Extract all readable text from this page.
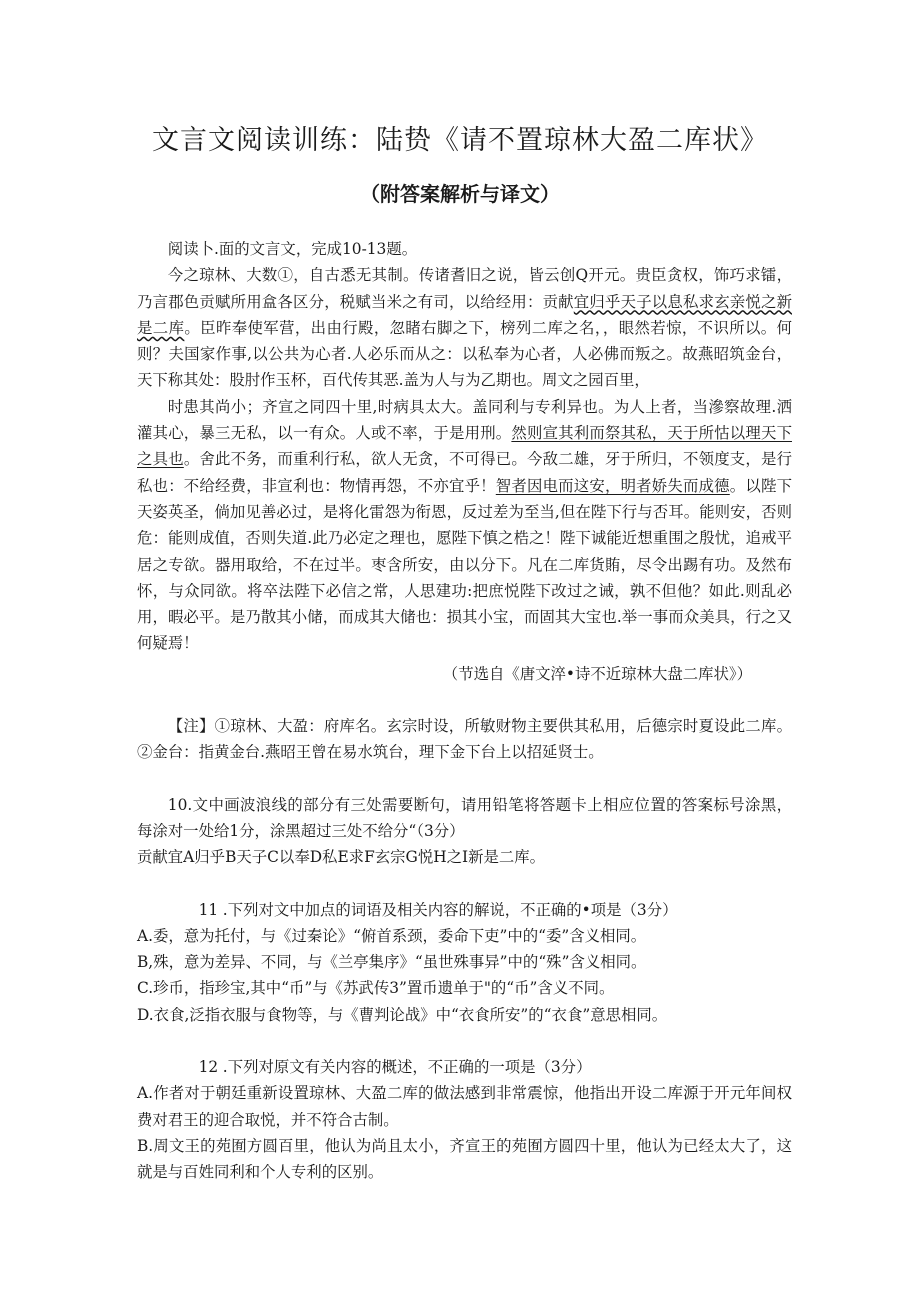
文言文阅读训练：陆贽《请不置琼林大盈二库状》
（附答案解析与译文）

阅读卜.面的文言文，完成10-13题。

今之琼林、大数①，自古悉无其制。传诸耆旧之说，皆云创Q开元。贵臣贪权，饰巧求镭，乃言郡色贡赋所用盒各区分，税赋当米之有司，以给经用：贡献宜归乎天子以息私求玄亲悦之新是二库。臣昨奉使军营，出由行殿，忽睹右脚之下，榜列二库之名，，眼然若惊，不识所以。何则？夫国家作事,以公共为心者.人必乐而从之：以私奉为心者，人必佛而叛之。故燕昭筑金台，天下称其处：股肘作玉杯，百代传其恶.盖为人与为乙期也。周文之园百里，

时患其尚小；齐宣之同四十里,时病具太大。盖同利与专利异也。为人上者，当滲察故理.洒灌其心，暴三无私，以一有众。人或不率，于是用刑。然则宣其利而祭其私，天于所怙以理天下之具也。舍此不务，而重利行私，欲人无贪，不可得已。今敌二雄，牙于所归，不领度支，是行私也：不给经费，非宣利也：物情再怨，不亦宜乎！智者因电而这安，明者娇失而成德。以陛下天姿英圣，倘加见善必过，是将化雷怨为衔恩，反过差为至当,但在陛下行与否耳。能则安，否则危：能则成值，否则失道.此乃必定之理也，愿陛下慎之梏之！陛下诚能近想重围之殷忧，追戒平居之专欲。器用取给，不在过半。枣含所安，由以分下。凡在二库货賄，尽令出踢有功。及然布怀，与众同欲。将卒法陛下必信之常，人思建功:把庶悦陛下改过之诫，孰不但他？如此.则乱必用，暇必平。是乃散其小储，而成其大储也：损其小宝，而固其大宝也.举一事而众美具，行之又何疑焉！

（节选自《唐文淬•诗不近琼林大盘二库状》）

【注】①琼林、大盈：府库名。玄宗时设，所敏财物主要供其私用，后德宗时夏设此二库。②金台：指黄金台.燕昭王曾在易水筑台，理下金下台上以招延贤士。

10.文中画波浪线的部分有三处需要断句，请用铅笔将答题卡上相应位置的答案标号涂黑，每涂对一处给1分，涂黑超过三处不给分“（3分）

贡献宜A归乎B天子C以奉D私E求F玄宗G悦H之I新是二库。

11 .下列对文中加点的词语及相关内容的解说，不正确的•项是（3分）

A.委，意为托付，与《过秦论》“俯首系颈，委命下吏”中的“委”含义相同。

B,殊，意为差异、不同，与《兰亭集序》“虽世殊事异”中的“殊”含义相同。

C.珍币，指珍宝,其中“币”与《苏武传3”置币遗单于"的“币”含义不同。

D.衣食,泛指衣服与食物等，与《曹判论战》中“衣食所安”的“衣食”意思相同。

12 .下列对原文有关内容的概述，不正确的一项是（3分）

A.作者对于朝廷重新设置琼林、大盈二库的做法感到非常震惊，他指出开设二库源于开元年间权费对君王的迎合取悦，并不符合古制。

B.周文王的苑囿方圆百里，他认为尚且太小，齐宣王的苑囿方圆四十里，他认为已经太大了，这就是与百姓同利和个人专利的区别。
